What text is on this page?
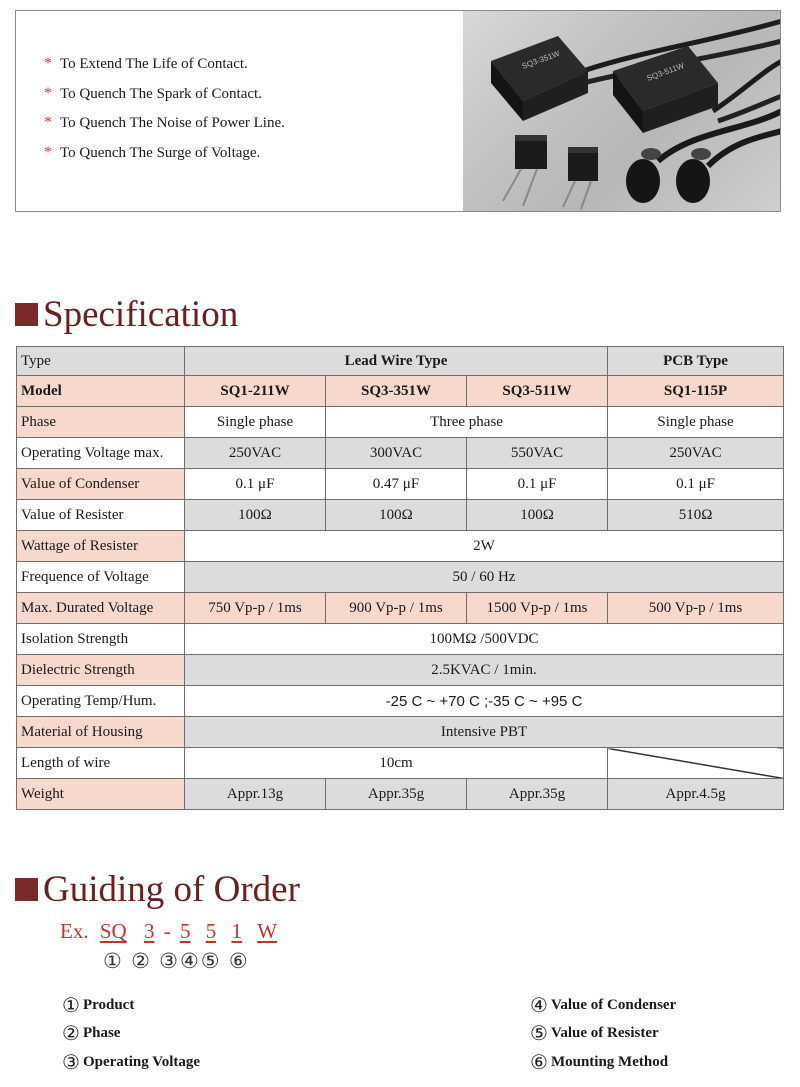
* To Extend The Life of Contact.
* To Quench The Spark of Contact.
* To Quench The Noise of Power Line.
* To Quench The Surge of Voltage.
SQ3-351W
SQ3-511W
Specification
Type	Lead Wire Type			PCB Type
Model	SQ1-211W	SQ3-351W	SQ3-511W	SQ1-115P
Phase	Single phase	Three phase		Single phase
Operating Voltage max.	250VAC	300VAC	550VAC	250VAC
Value of Condenser	0.1 μF	0.47 μF	0.1 μF	0.1 μF
Value of Resister	100Ω	100Ω	100Ω	510Ω
Wattage of Resister	2W			
Frequence of Voltage	50 / 60 Hz			
Max. Durated Voltage	750 Vp-p / 1ms	900 Vp-p / 1ms	1500 Vp-p / 1ms	500 Vp-p / 1ms
Isolation Strength	100MΩ /500VDC			
Dielectric Strength	2.5KVAC / 1min.			
Operating Temp/Hum.	-25 C ~ +70 C ;-35 C ~ +95 C			
Material of Housing	Intensive PBT			
Length of wire	10cm			
Weight	Appr.13g	Appr.35g	Appr.35g	Appr.4.5g
Guiding of Order
Ex. SQ 3 - 5 5 1 W
① ② ③④⑤ ⑥
① Product
② Phase
③ Operating Voltage
④ Value of Condenser
⑤ Value of Resister
⑥ Mounting Method
